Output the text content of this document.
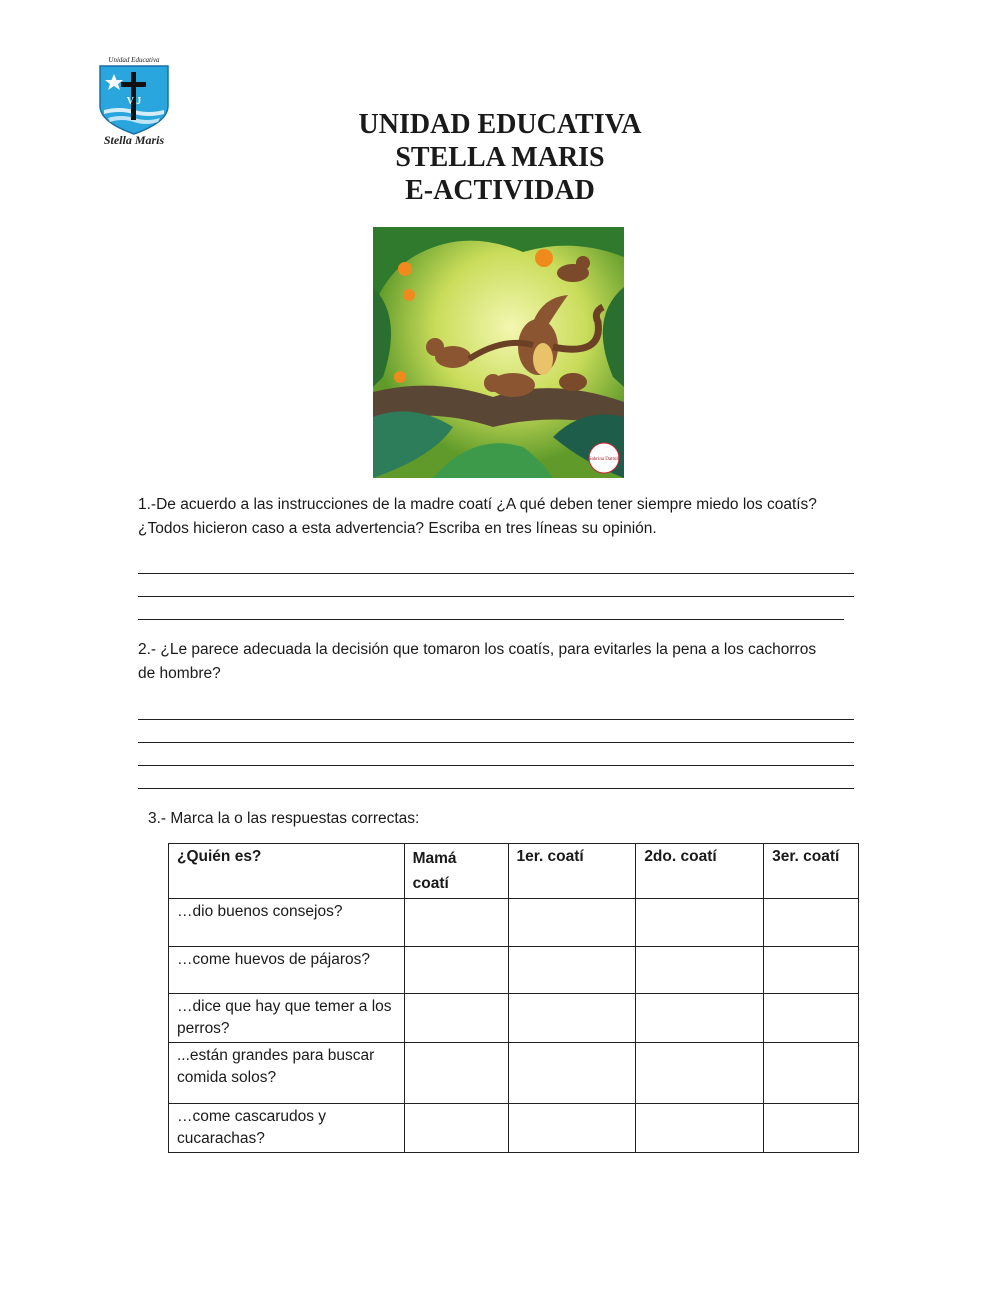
Unidad Educativa
V J
Stella Maris	UNIDAD EDUCATIVA
STELLA MARIS
E-ACTIVIDAD
Sabrina Dattoli
1.-De acuerdo a las instrucciones de la madre coatí ¿A qué deben tener siempre miedo los coatís?
¿Todos hicieron caso a esta advertencia? Escriba en tres líneas su opinión.
2.- ¿Le parece adecuada la decisión que tomaron los coatís, para evitarles la pena a los cachorros
de hombre?
3.- Marca la o las respuestas correctas:
¿Quién es?	Mamá coatí	1er. coatí	2do. coatí	3er. coatí
…dio buenos consejos?				
…come huevos de pájaros?				
…dice que hay que temer a los perros?				
...están grandes para buscar comida solos?				
…come cascarudos y cucarachas?				
